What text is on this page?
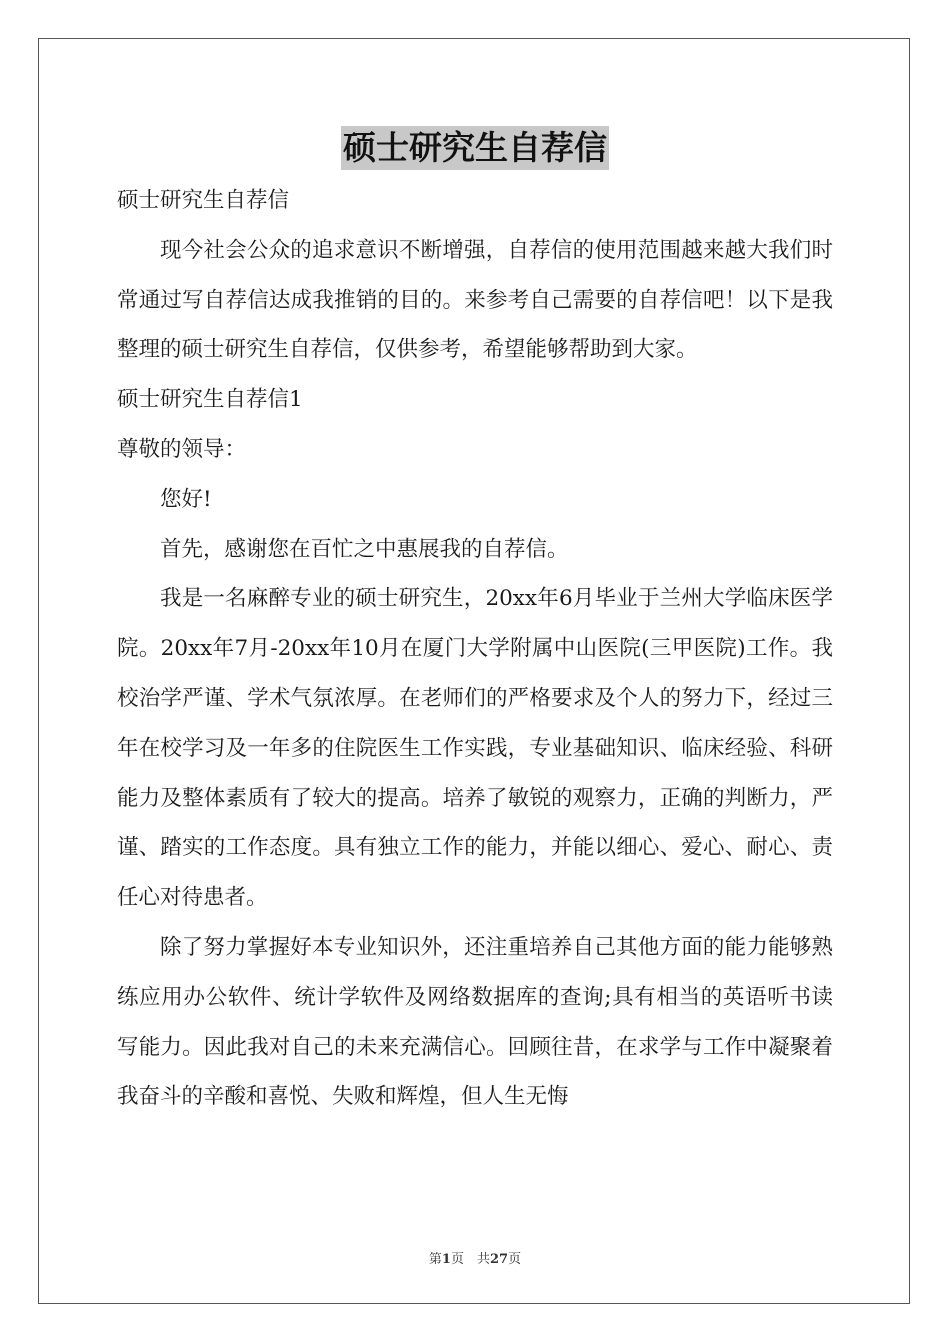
硕士研究生自荐信

硕士研究生自荐信

现今社会公众的追求意识不断增强，自荐信的使用范围越来越大我们时常通过写自荐信达成我推销的目的。来参考自己需要的自荐信吧！以下是我整理的硕士研究生自荐信，仅供参考，希望能够帮助到大家。

硕士研究生自荐信1

尊敬的领导：

您好!

首先，感谢您在百忙之中惠展我的自荐信。

我是一名麻醉专业的硕士研究生，20xx年6月毕业于兰州大学临床医学院。20xx年7月-20xx年10月在厦门大学附属中山医院(三甲医院)工作。我校治学严谨、学术气氛浓厚。在老师们的严格要求及个人的努力下，经过三年在校学习及一年多的住院医生工作实践，专业基础知识、临床经验、科研能力及整体素质有了较大的提高。培养了敏锐的观察力，正确的判断力，严谨、踏实的工作态度。具有独立工作的能力，并能以细心、爱心、耐心、责任心对待患者。

除了努力掌握好本专业知识外，还注重培养自己其他方面的能力能够熟练应用办公软件、统计学软件及网络数据库的查询;具有相当的英语听书读写能力。因此我对自己的未来充满信心。回顾往昔，在求学与工作中凝聚着我奋斗的辛酸和喜悦、失败和辉煌，但人生无悔

第1页　共27页
